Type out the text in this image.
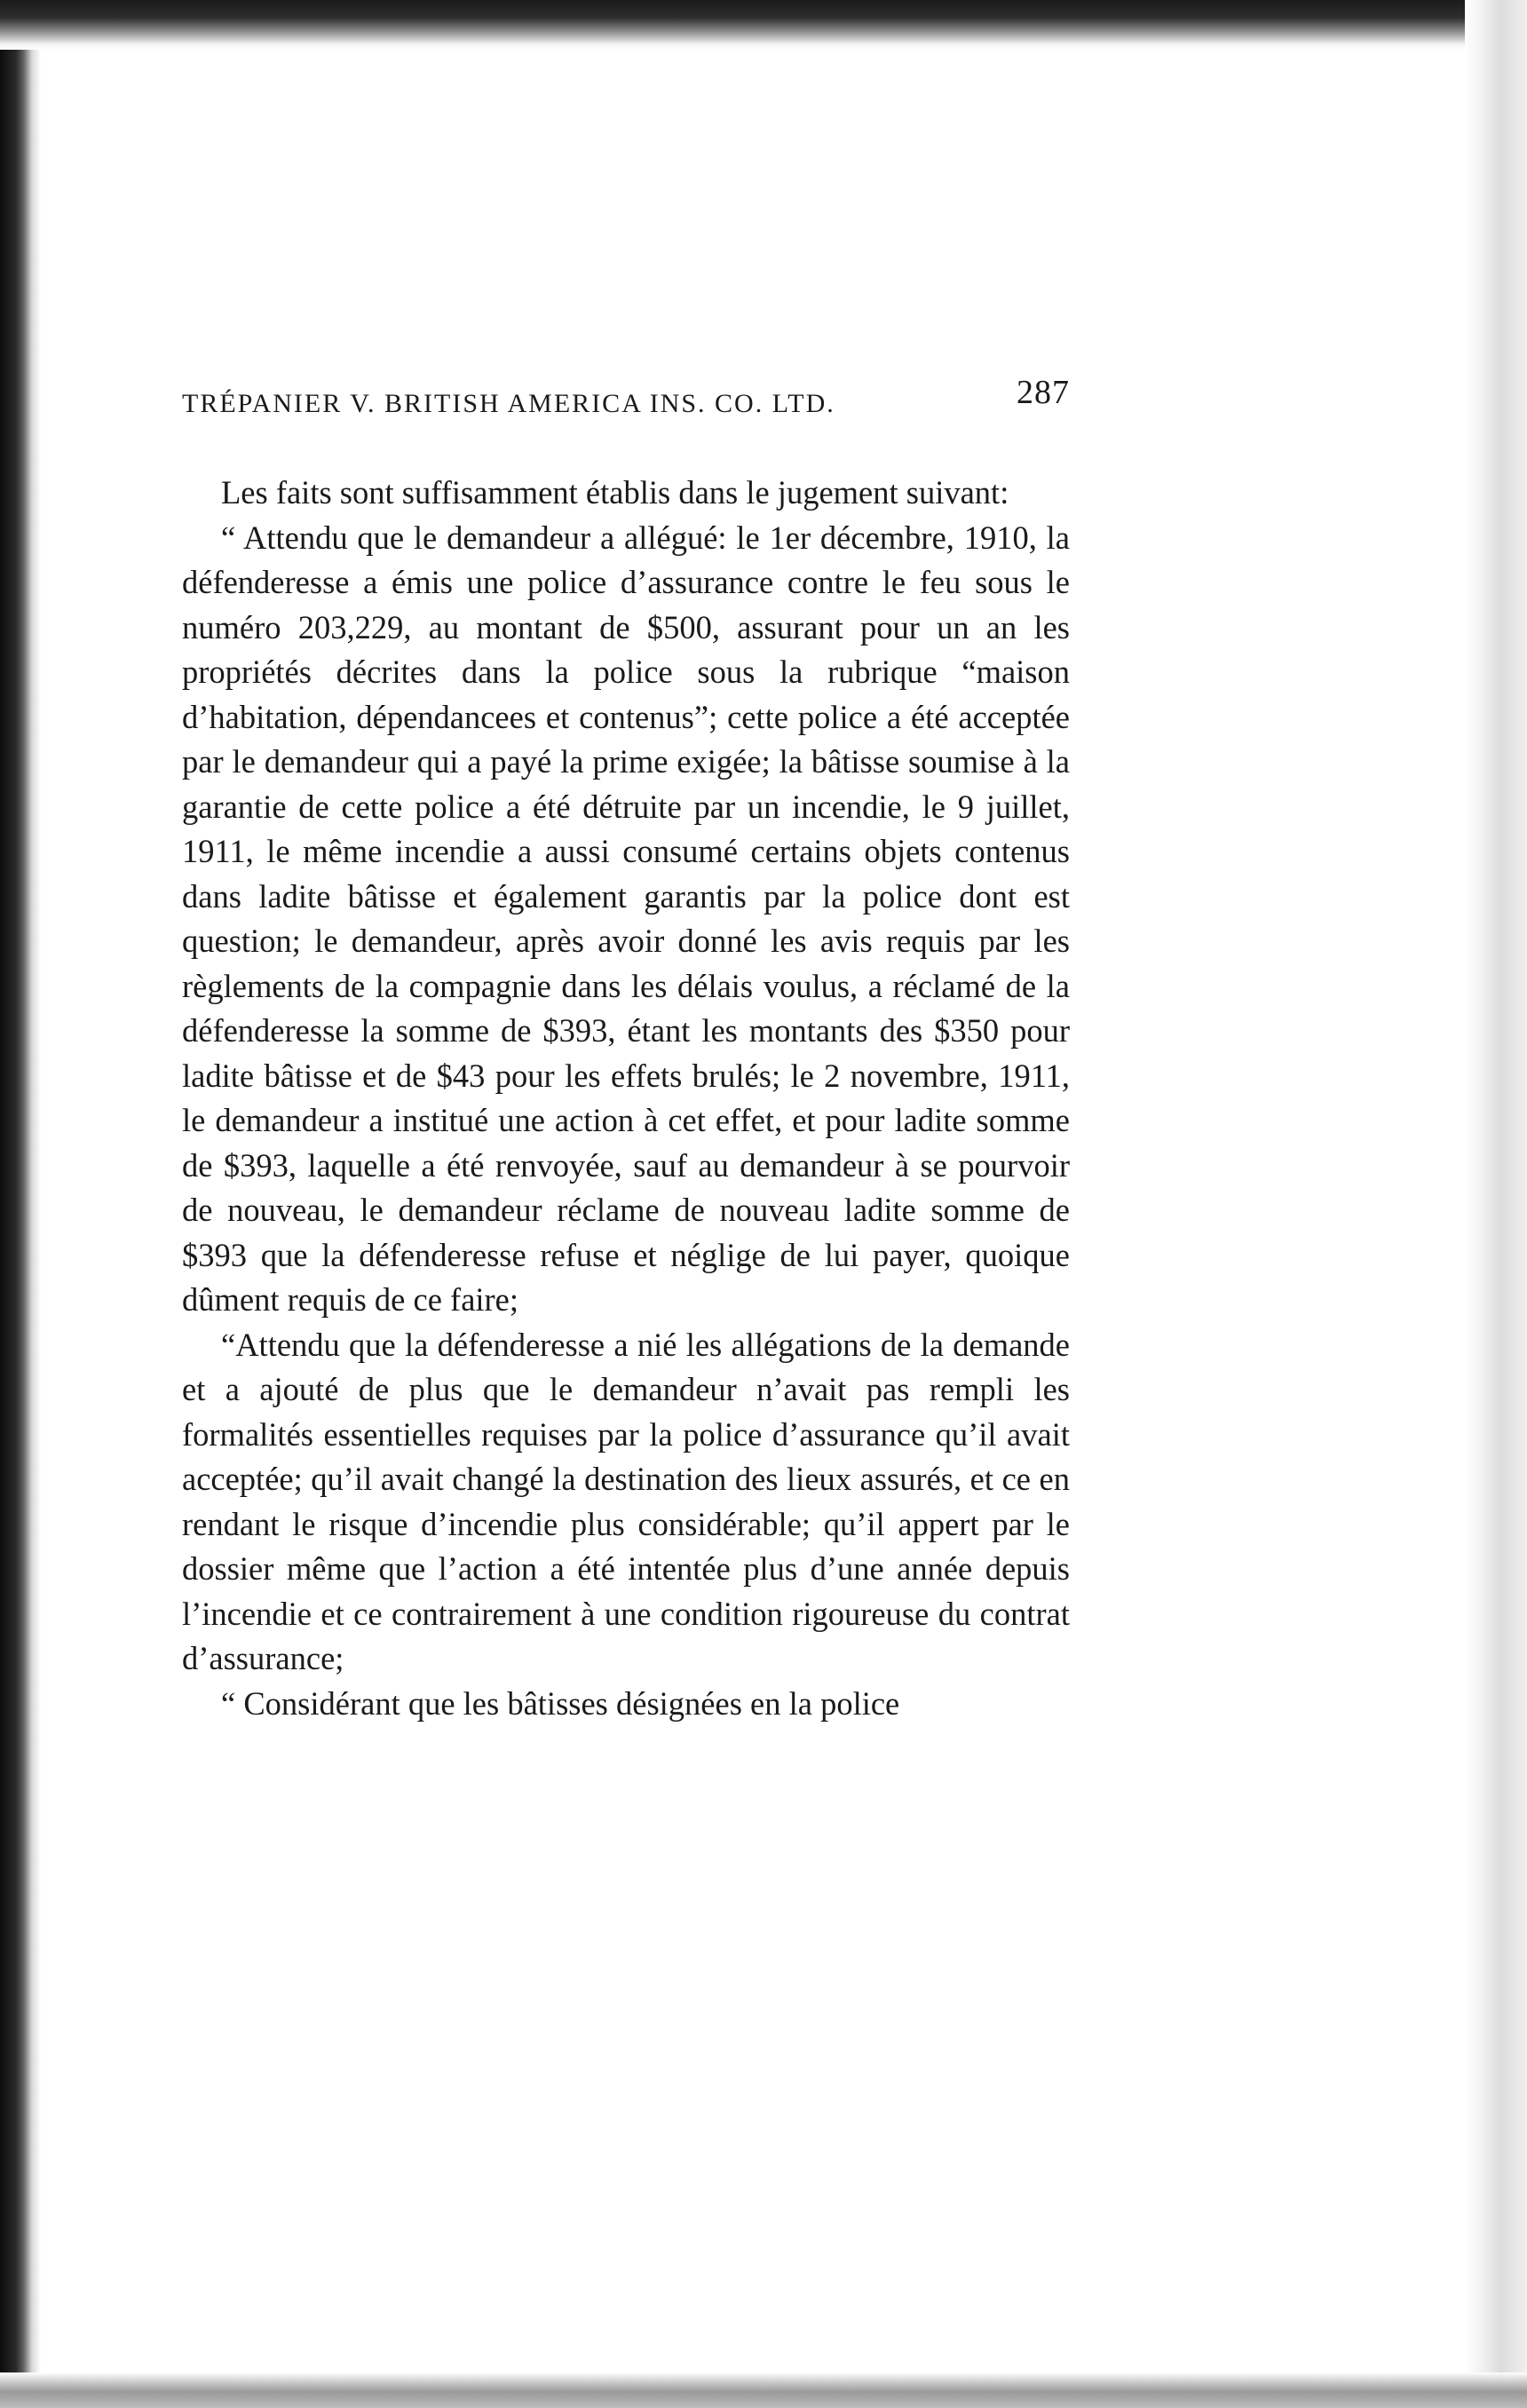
TRÉPANIER V. BRITISH AMERICA INS. CO. LTD.	287

Les faits sont suffisamment établis dans le jugement suivant:

“ Attendu que le demandeur a allégué: le 1er décembre, 1910, la défenderesse a émis une police d’assurance contre le feu sous le numéro 203,229, au montant de $500, assurant pour un an les propriétés décrites dans la police sous la rubrique “maison d’habitation, dépendancees et contenus”; cette police a été acceptée par le demandeur qui a payé la prime exigée; la bâtisse soumise à la garantie de cette police a été détruite par un incendie, le 9 juillet, 1911, le même incendie a aussi consumé certains objets contenus dans ladite bâtisse et également garantis par la police dont est question; le demandeur, après avoir donné les avis requis par les règlements de la compagnie dans les délais voulus, a réclamé de la défenderesse la somme de $393, étant les montants des $350 pour ladite bâtisse et de $43 pour les effets brulés; le 2 novembre, 1911, le demandeur a institué une action à cet effet, et pour ladite somme de $393, laquelle a été renvoyée, sauf au demandeur à se pourvoir de nouveau, le demandeur réclame de nouveau ladite somme de $393 que la défenderesse refuse et néglige de lui payer, quoique dûment requis de ce faire;

“Attendu que la défenderesse a nié les allégations de la demande et a ajouté de plus que le demandeur n’avait pas rempli les formalités essentielles requises par la police d’assurance qu’il avait acceptée; qu’il avait changé la destination des lieux assurés, et ce en rendant le risque d’incendie plus considérable; qu’il appert par le dossier même que l’action a été intentée plus d’une année depuis l’incendie et ce contrairement à une condition rigoureuse du contrat d’assurance;

“ Considérant que les bâtisses désignées en la police
